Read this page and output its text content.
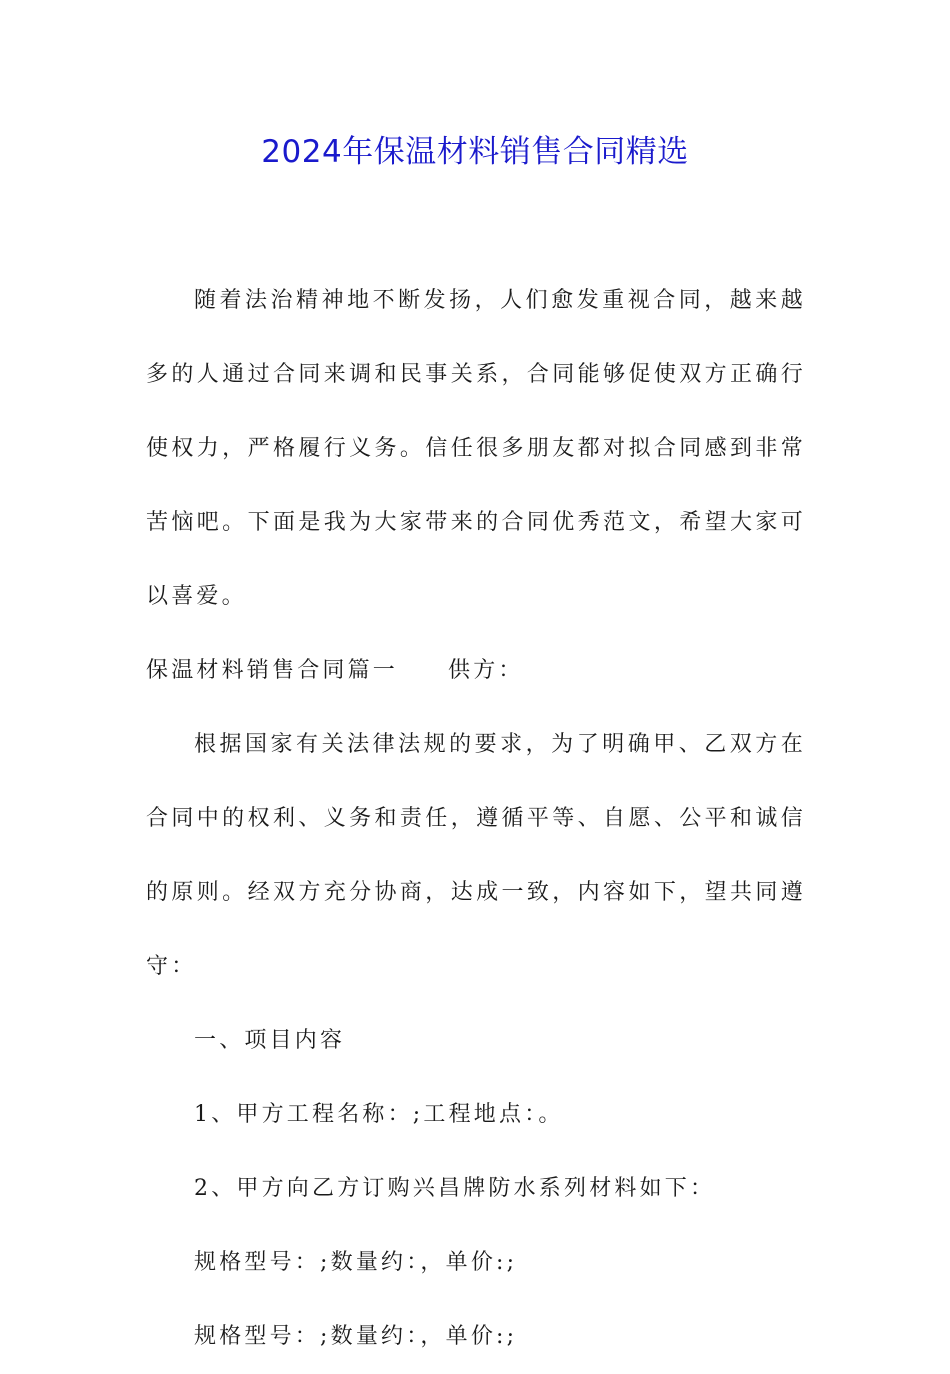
2024年保温材料销售合同精选

随着法治精神地不断发扬，人们愈发重视合同，越来越多的人通过合同来调和民事关系，合同能够促使双方正确行使权力，严格履行义务。信任很多朋友都对拟合同感到非常苦恼吧。下面是我为大家带来的合同优秀范文，希望大家可以喜爱。

保温材料销售合同篇一 供方：

根据国家有关法律法规的要求，为了明确甲、乙双方在合同中的权利、义务和责任，遵循平等、自愿、公平和诚信的原则。经双方充分协商，达成一致，内容如下，望共同遵守：

一、项目内容

1、甲方工程名称：;工程地点：。

2、甲方向乙方订购兴昌牌防水系列材料如下：

规格型号：;数量约：，单价:;

规格型号：;数量约：，单价:;
